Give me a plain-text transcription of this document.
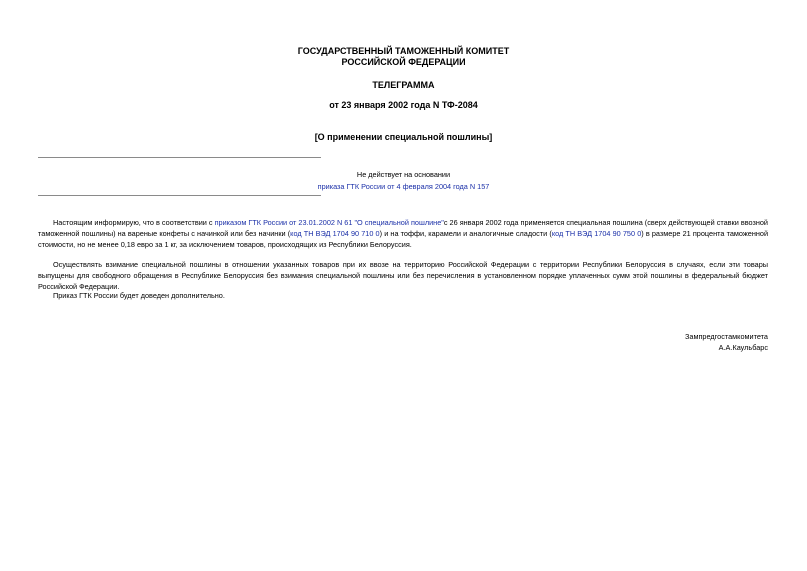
ГОСУДАРСТВЕННЫЙ ТАМОЖЕННЫЙ КОМИТЕТ
РОССИЙСКОЙ ФЕДЕРАЦИИ
ТЕЛЕГРАММА
от 23 января 2002 года N ТФ-2084
[О применении специальной пошлины]
Не действует на основании
приказа ГТК России от 4 февраля 2004 года N 157
Настоящим информирую, что в соответствии с приказом ГТК России от 23.01.2002 N 61 "О специальной пошлине"с 26 января 2002 года применяется специальная пошлина (сверх действующей ставки ввозной таможенной пошлины) на вареные конфеты с начинкой или без начинки (код ТН ВЭД 1704 90 710 0) и на тоффи, карамели и аналогичные сладости (код ТН ВЭД 1704 90 750 0) в размере 21 процента таможенной стоимости, но не менее 0,18 евро за 1 кг, за исключением товаров, происходящих из Республики Белоруссия.
Осуществлять взимание специальной пошлины в отношении указанных товаров при их ввозе на территорию Российской Федерации с территории Республики Белоруссия в случаях, если эти товары выпущены для свободного обращения в Республике Белоруссия без взимания специальной пошлины или без перечисления в установленном порядке уплаченных сумм этой пошлины в федеральный бюджет Российской Федерации.
Приказ ГТК России будет доведен дополнительно.
Зампредгостамкомитета
А.А.Каульбарс
